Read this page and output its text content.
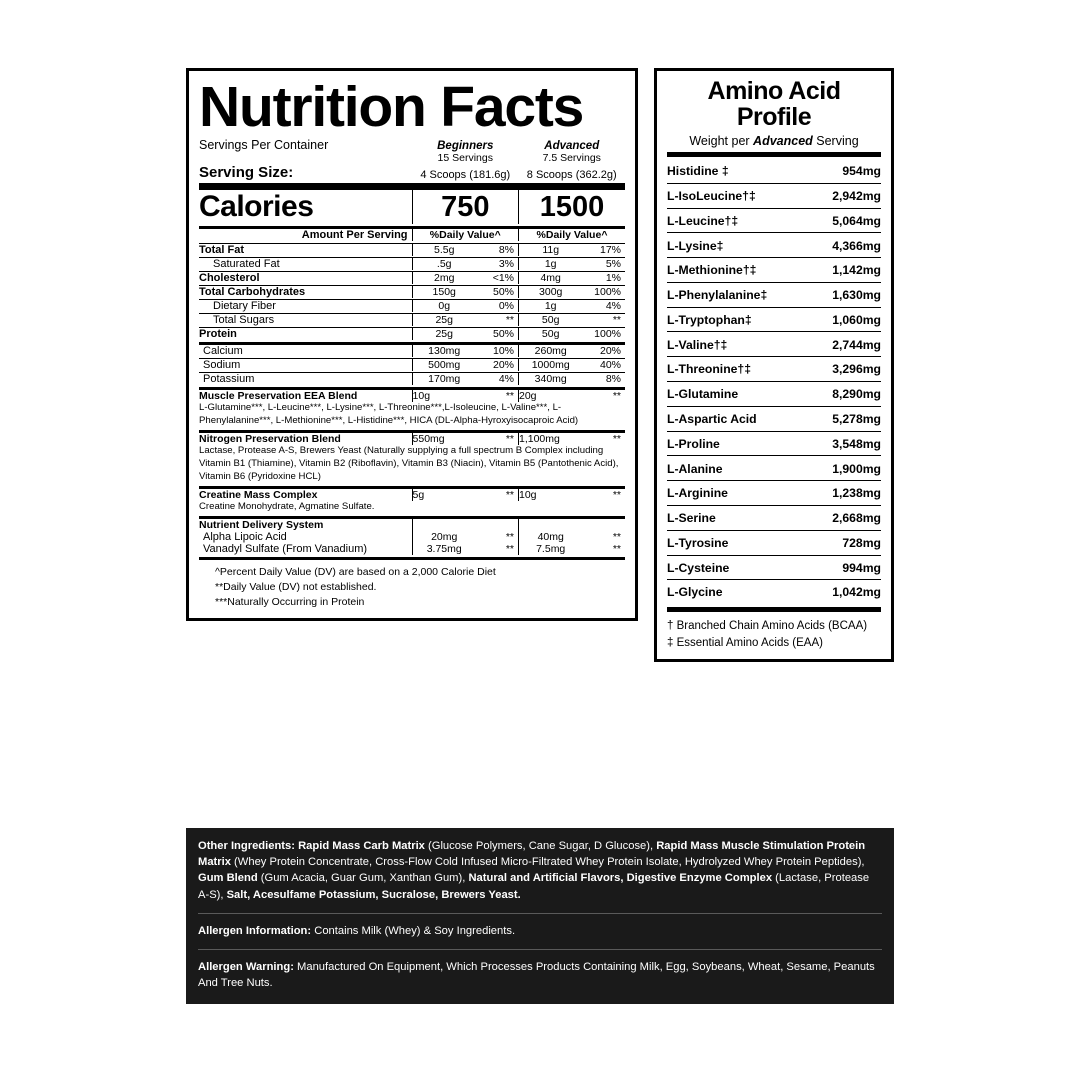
Nutrition Facts
Servings Per Container	Beginners		Advanced	
	15 Servings		7.5 Servings	
Serving Size:	4 Scoops (181.6g)		8 Scoops (362.2g)	

Calories	750		1500	

Amount Per Serving	%Daily Value^		%Daily Value^	

Total Fat	5.5g	8%	11g	17%

Saturated Fat	.5g	3%	1g	5%

Cholesterol	2mg	<1%	4mg	1%

Total Carbohydrates	150g	50%	300g	100%

Dietary Fiber	0g	0%	1g	4%

Total Sugars	25g	**	50g	**

Protein	25g	50%	50g	100%

Calcium	130mg	10%	260mg	20%

Sodium	500mg	20%	1000mg	40%

Potassium	170mg	4%	340mg	8%

Muscle Preservation EEA Blend	10g	**	20g	**
L-Glutamine***, L-Leucine***, L-Lysine***, L-Threonine***,L-Isoleucine, L-Valine***, L-Phenylalanine***, L-Methionine***, L-Histidine***, HICA (DL-Alpha-Hyroxyisocaproic Acid)				

Nitrogen Preservation Blend	550mg	**	1,100mg	**
Lactase, Protease A-S, Brewers Yeast (Naturally supplying a full spectrum B Complex including Vitamin B1 (Thiamine), Vitamin B2 (Riboflavin), Vitamin B3 (Niacin), Vitamin B5 (Pantothenic Acid), Vitamin B6 (Pyridoxine HCL)				

Creatine Mass Complex	5g	**	10g	**
Creatine Monohydrate, Agmatine Sulfate.				

Nutrient Delivery System				
Alpha Lipoic Acid	20mg	**	40mg	**
Vanadyl Sulfate (From Vanadium)	3.75mg	**	7.5mg	**

^Percent Daily Value (DV) are based on a 2,000 Calorie Diet
**Daily Value (DV) not established.
***Naturally Occurring in Protein
Amino Acid
Profile
Weight per Advanced Serving
Histidine ‡	954mg
L-IsoLeucine†‡	2,942mg
L-Leucine†‡	5,064mg
L-Lysine‡	4,366mg
L-Methionine†‡	1,142mg
L-Phenylalanine‡	1,630mg
L-Tryptophan‡	1,060mg
L-Valine†‡	2,744mg
L-Threonine†‡	3,296mg
L-Glutamine	8,290mg
L-Aspartic Acid	5,278mg
L-Proline	3,548mg
L-Alanine	1,900mg
L-Arginine	1,238mg
L-Serine	2,668mg
L-Tyrosine	728mg
L-Cysteine	994mg
L-Glycine	1,042mg
† Branched Chain Amino Acids (BCAA)
‡ Essential Amino Acids (EAA)

Other Ingredients: Rapid Mass Carb Matrix (Glucose Polymers, Cane Sugar, D Glucose), Rapid Mass Muscle Stimulation Protein Matrix (Whey Protein Concentrate, Cross-Flow Cold Infused Micro-Filtrated Whey Protein Isolate, Hydrolyzed Whey Protein Peptides), Gum Blend (Gum Acacia, Guar Gum, Xanthan Gum), Natural and Artificial Flavors, Digestive Enzyme Complex (Lactase, Protease A-S), Salt, Acesulfame Potassium, Sucralose, Brewers Yeast.

Allergen Information: Contains Milk (Whey) & Soy Ingredients.

Allergen Warning: Manufactured On Equipment, Which Processes Products Containing Milk, Egg, Soybeans, Wheat, Sesame, Peanuts And Tree Nuts.
